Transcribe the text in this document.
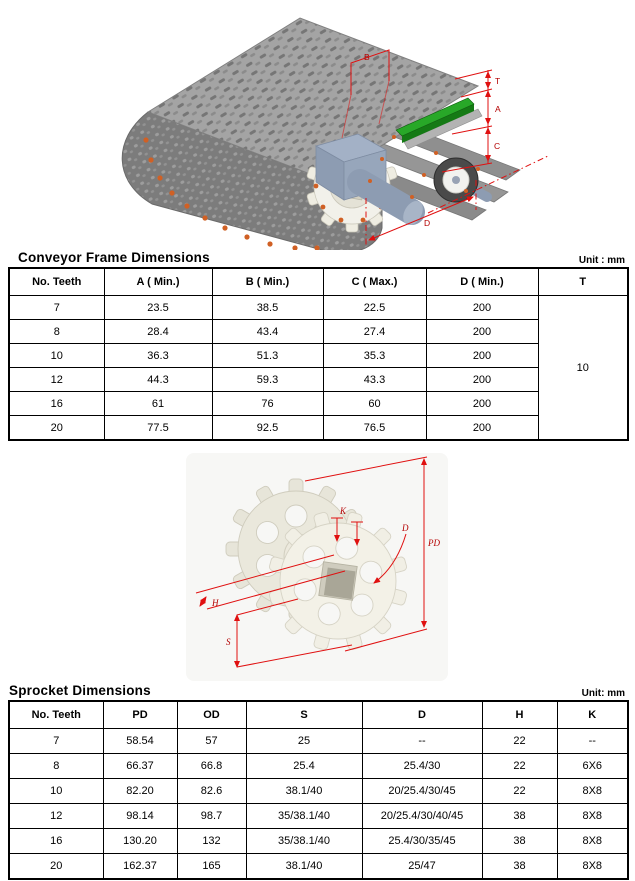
B
T
A
C
D
Conveyor Frame Dimensions	Unit : mm
No. Teeth	A ( Min.)	B ( Min.)	C ( Max.)	D ( Min.)	T
7	23.5	38.5	22.5	200	10
8	28.4	43.4	27.4	200	
10	36.3	51.3	35.3	200	
12	44.3	59.3	43.3	200	
16	61	76	60	200	
20	77.5	92.5	76.5	200	
K
D
PD
H
S
Sprocket Dimensions	Unit: mm
No. Teeth	PD	OD	S	D	H	K
7	58.54	57	25	--	22	--
8	66.37	66.8	25.4	25.4/30	22	6X6
10	82.20	82.6	38.1/40	20/25.4/30/45	22	8X8
12	98.14	98.7	35/38.1/40	20/25.4/30/40/45	38	8X8
16	130.20	132	35/38.1/40	25.4/30/35/45	38	8X8
20	162.37	165	38.1/40	25/47	38	8X8
